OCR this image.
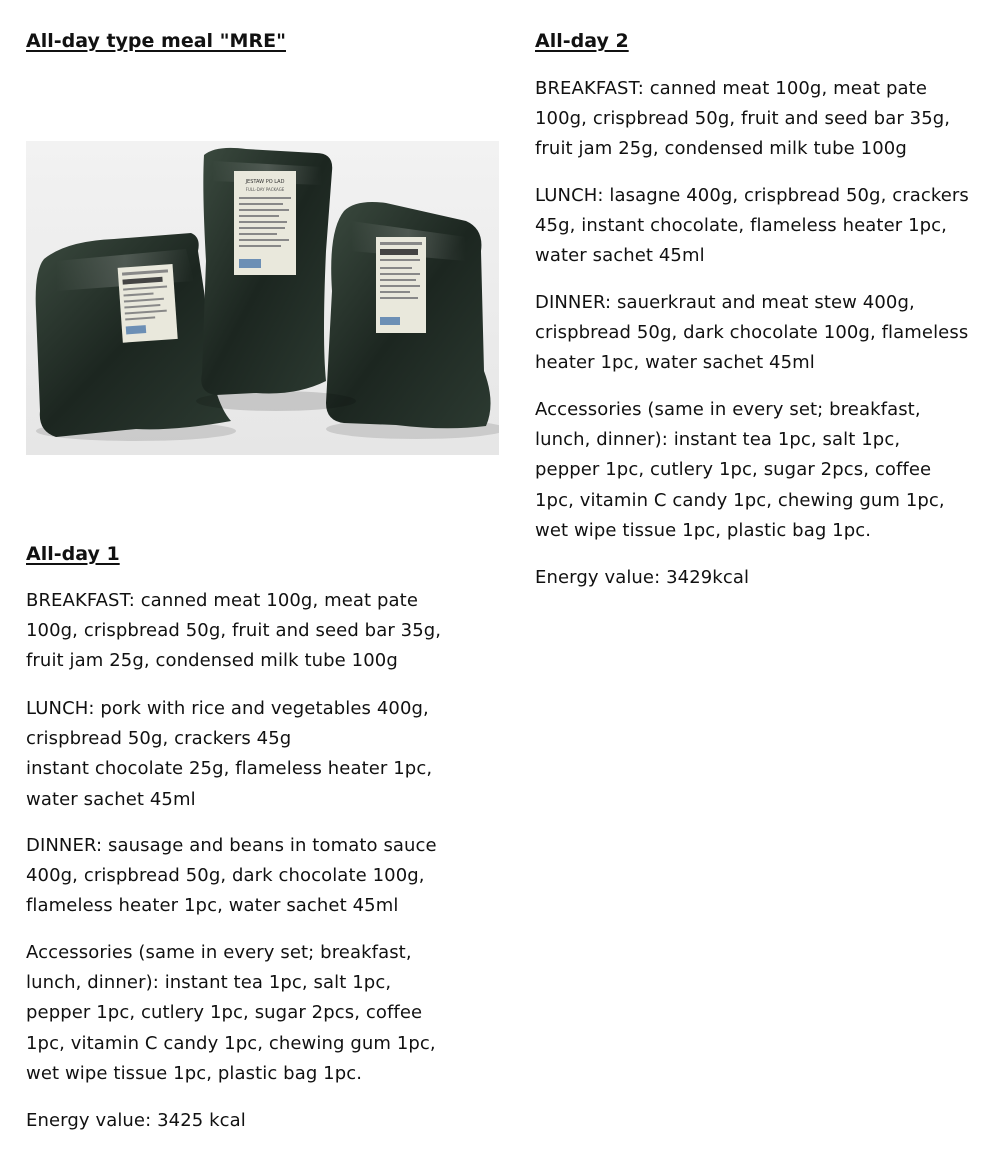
All-day type meal "MRE"
JESTAW PO LAD
FULL-DAY PACKAGE
All-day 1
BREAKFAST: canned meat 100g, meat pate
100g, crispbread 50g, fruit and seed bar 35g,
fruit jam 25g, condensed milk tube 100g
LUNCH: pork with rice and vegetables 400g,
crispbread 50g, crackers 45g
instant chocolate 25g, flameless heater 1pc,
water sachet 45ml
DINNER: sausage and beans in tomato sauce
400g, crispbread 50g, dark chocolate 100g,
flameless heater 1pc, water sachet 45ml
Accessories (same in every set; breakfast,
lunch, dinner): instant tea 1pc, salt 1pc,
pepper 1pc, cutlery 1pc, sugar 2pcs, coffee
1pc, vitamin C candy 1pc, chewing gum 1pc,
wet wipe tissue 1pc, plastic bag 1pc.
Energy value: 3425 kcal
All-day 2
BREAKFAST: canned meat 100g, meat pate
100g, crispbread 50g, fruit and seed bar 35g,
fruit jam 25g, condensed milk tube 100g
LUNCH: lasagne 400g, crispbread 50g, crackers
45g, instant chocolate, flameless heater 1pc,
water sachet 45ml
DINNER: sauerkraut and meat stew 400g,
crispbread 50g, dark chocolate 100g, flameless
heater 1pc, water sachet 45ml
Accessories (same in every set; breakfast,
lunch, dinner): instant tea 1pc, salt 1pc,
pepper 1pc, cutlery 1pc, sugar 2pcs, coffee
1pc, vitamin C candy 1pc, chewing gum 1pc,
wet wipe tissue 1pc, plastic bag 1pc.
Energy value: 3429kcal
